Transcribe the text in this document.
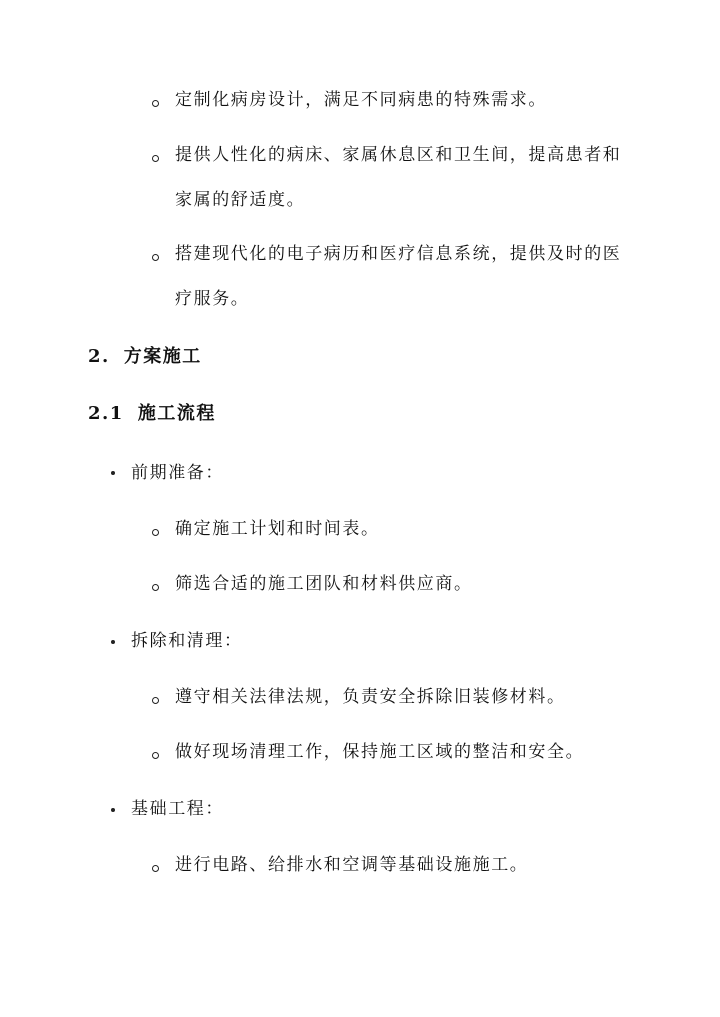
定制化病房设计，满足不同病患的特殊需求。
提供人性化的病床、家属休息区和卫生间，提高患者和
家属的舒适度。
搭建现代化的电子病历和医疗信息系统，提供及时的医
疗服务。
2. 方案施工
2.1 施工流程
前期准备：
确定施工计划和时间表。
筛选合适的施工团队和材料供应商。
拆除和清理：
遵守相关法律法规，负责安全拆除旧装修材料。
做好现场清理工作，保持施工区域的整洁和安全。
基础工程：
进行电路、给排水和空调等基础设施施工。
